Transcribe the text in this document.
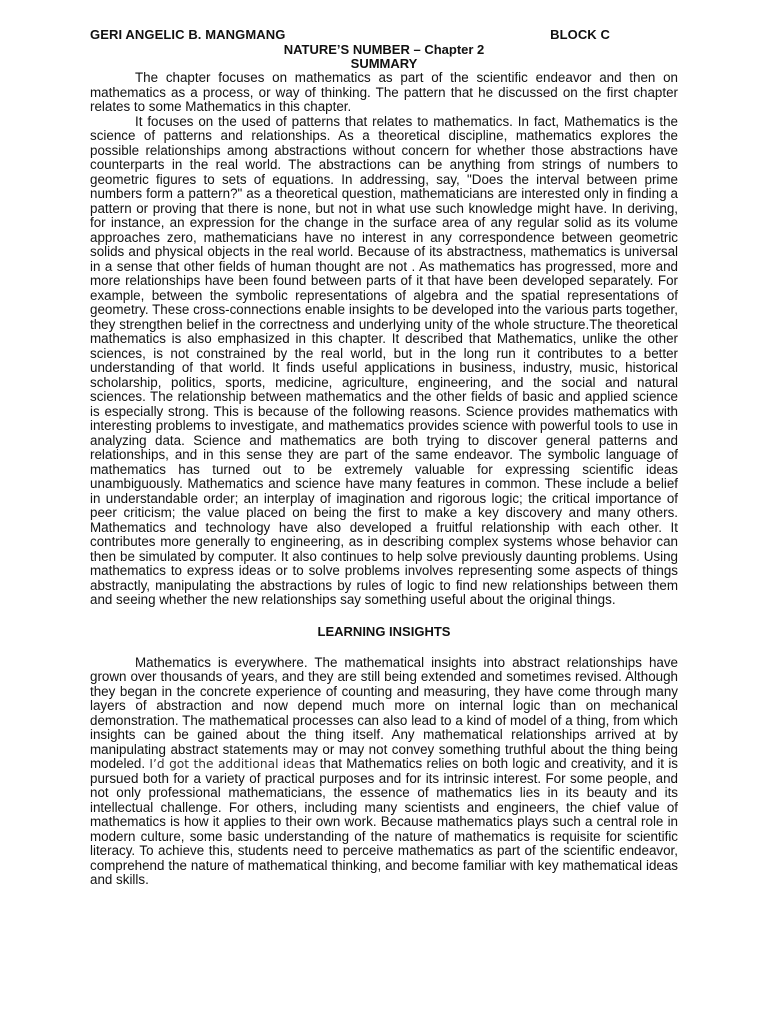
GERI ANGELIC B. MANGMANG	BLOCK C
NATURE’S NUMBER – Chapter 2
SUMMARY

The chapter focuses on mathematics as part of the scientific endeavor and then on mathematics as a process, or way of thinking. The pattern that he discussed on the first chapter relates to some Mathematics in this chapter.

It focuses on the used of patterns that relates to mathematics. In fact, Mathematics is the science of patterns and relationships. As a theoretical discipline, mathematics explores the possible relationships among abstractions without concern for whether those abstractions have counterparts in the real world. The abstractions can be anything from strings of numbers to geometric figures to sets of equations. In addressing, say, "Does the interval between prime numbers form a pattern?" as a theoretical question, mathematicians are interested only in finding a pattern or proving that there is none, but not in what use such knowledge might have. In deriving, for instance, an expression for the change in the surface area of any regular solid as its volume approaches zero, mathematicians have no interest in any correspondence between geometric solids and physical objects in the real world. Because of its abstractness, mathematics is universal in a sense that other fields of human thought are not . As mathematics has progressed, more and more relationships have been found between parts of it that have been developed separately. For example, between the symbolic representations of algebra and the spatial representations of geometry. These cross-connections enable insights to be developed into the various parts together, they strengthen belief in the correctness and underlying unity of the whole structure.The theoretical mathematics is also emphasized in this chapter. It described that Mathematics, unlike the other sciences, is not constrained by the real world, but in the long run it contributes to a better understanding of that world. It finds useful applications in business, industry, music, historical scholarship, politics, sports, medicine, agriculture, engineering, and the social and natural sciences. The relationship between mathematics and the other fields of basic and applied science is especially strong. This is because of the following reasons. Science provides mathematics with interesting problems to investigate, and mathematics provides science with powerful tools to use in analyzing data. Science and mathematics are both trying to discover general patterns and relationships, and in this sense they are part of the same endeavor. The symbolic language of mathematics has turned out to be extremely valuable for expressing scientific ideas unambiguously. Mathematics and science have many features in common. These include a belief in understandable order; an interplay of imagination and rigorous logic; the critical importance of peer criticism; the value placed on being the first to make a key discovery and many others. Mathematics and technology have also developed a fruitful relationship with each other. It contributes more generally to engineering, as in describing complex systems whose behavior can then be simulated by computer. It also continues to help solve previously daunting problems. Using mathematics to express ideas or to solve problems involves representing some aspects of things abstractly, manipulating the abstractions by rules of logic to find new relationships between them and seeing whether the new relationships say something useful about the original things.

LEARNING INSIGHTS

Mathematics is everywhere. The mathematical insights into abstract relationships have grown over thousands of years, and they are still being extended and sometimes revised. Although they began in the concrete experience of counting and measuring, they have come through many layers of abstraction and now depend much more on internal logic than on mechanical demonstration. The mathematical processes can also lead to a kind of model of a thing, from which insights can be gained about the thing itself. Any mathematical relationships arrived at by manipulating abstract statements may or may not convey something truthful about the thing being modeled. I’d got the additional ideas that Mathematics relies on both logic and creativity, and it is pursued both for a variety of practical purposes and for its intrinsic interest. For some people, and not only professional mathematicians, the essence of mathematics lies in its beauty and its intellectual challenge. For others, including many scientists and engineers, the chief value of mathematics is how it applies to their own work. Because mathematics plays such a central role in modern culture, some basic understanding of the nature of mathematics is requisite for scientific literacy. To achieve this, students need to perceive mathematics as part of the scientific endeavor, comprehend the nature of mathematical thinking, and become familiar with key mathematical ideas and skills.
